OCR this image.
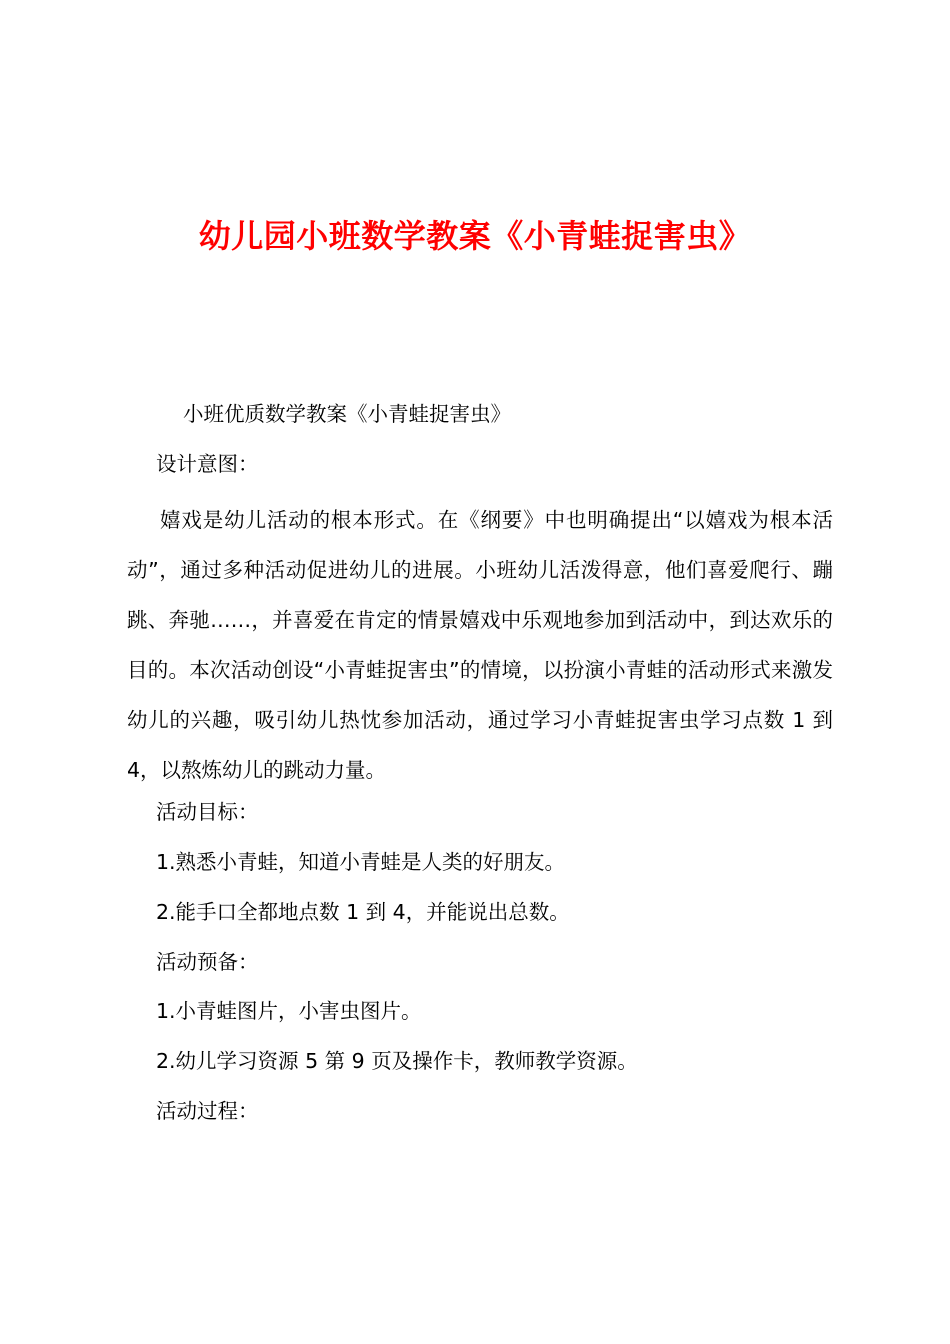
幼儿园小班数学教案《小青蛙捉害虫》

小班优质数学教案《小青蛙捉害虫》

设计意图：

嬉戏是幼儿活动的根本形式。在《纲要》中也明确提出“以嬉戏为根本活动”，通过多种活动促进幼儿的进展。小班幼儿活泼得意，他们喜爱爬行、蹦跳、奔驰……，并喜爱在肯定的情景嬉戏中乐观地参加到活动中，到达欢乐的目的。本次活动创设“小青蛙捉害虫”的情境，以扮演小青蛙的活动形式来激发幼儿的兴趣，吸引幼儿热忱参加活动，通过学习小青蛙捉害虫学习点数 1 到 4，以熬炼幼儿的跳动力量。

活动目标：

1.熟悉小青蛙，知道小青蛙是人类的好朋友。

2.能手口全都地点数 1 到 4，并能说出总数。

活动预备：

1.小青蛙图片，小害虫图片。

2.幼儿学习资源 5 第 9 页及操作卡，教师教学资源。

活动过程：
